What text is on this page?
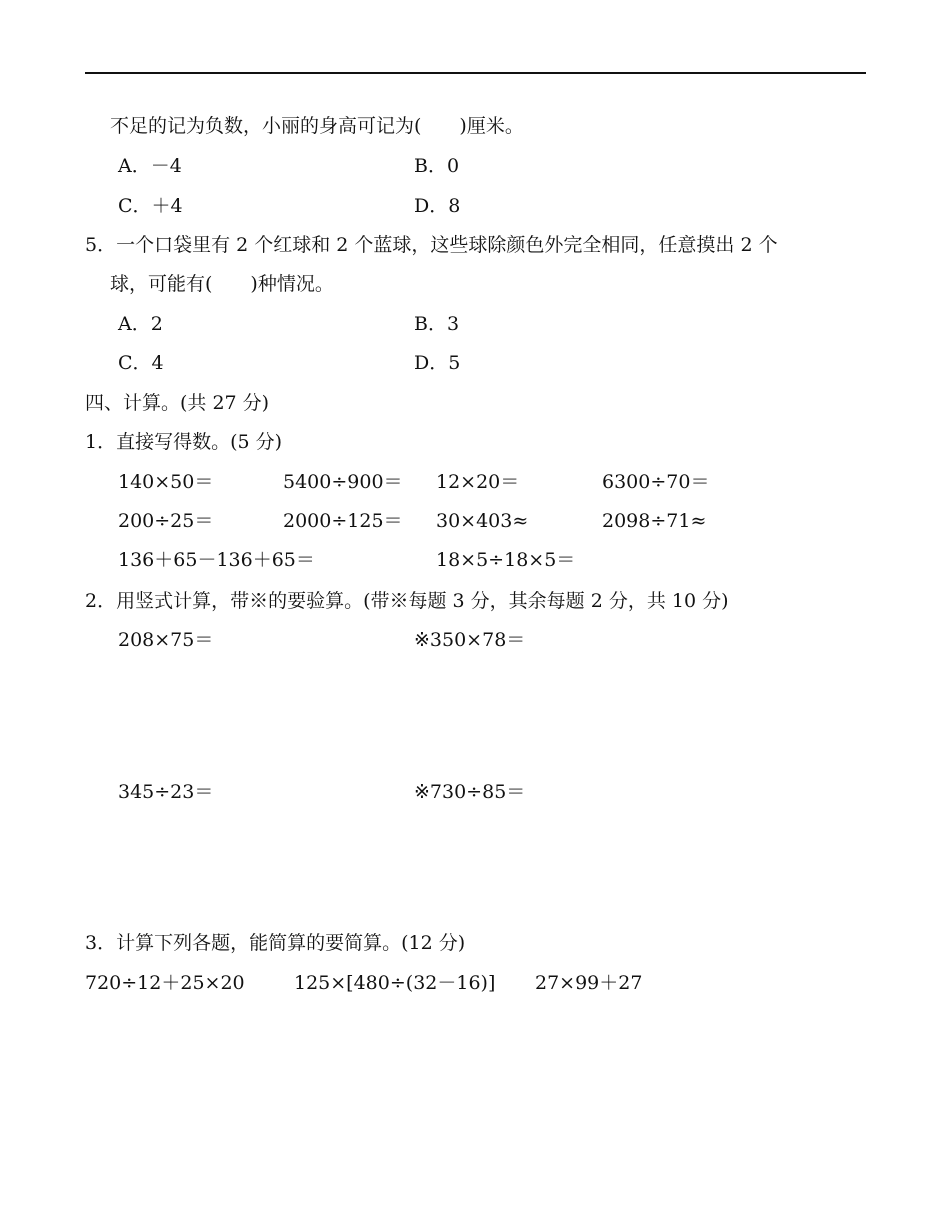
不足的记为负数，小丽的身高可记为(　　)厘米。
A．－4	B．0
C．＋4	D．8
5．一个口袋里有 2 个红球和 2 个蓝球，这些球除颜色外完全相同，任意摸出 2 个
球，可能有(　　)种情况。
A．2	B．3
C．4	D．5
四、计算。(共 27 分)
1．直接写得数。(5 分)
140×50＝	5400÷900＝ 12×20＝	6300÷70＝
200÷25＝	2000÷125＝ 30×403≈	2098÷71≈
136＋65－136＋65＝	18×5÷18×5＝
2．用竖式计算，带※的要验算。(带※每题 3 分，其余每题 2 分，共 10 分)
208×75＝	※350×78＝
345÷23＝	※730÷85＝
3．计算下列各题，能简算的要简算。(12 分)
720÷12＋25×20	125×[480÷(32－16)] 27×99＋27
